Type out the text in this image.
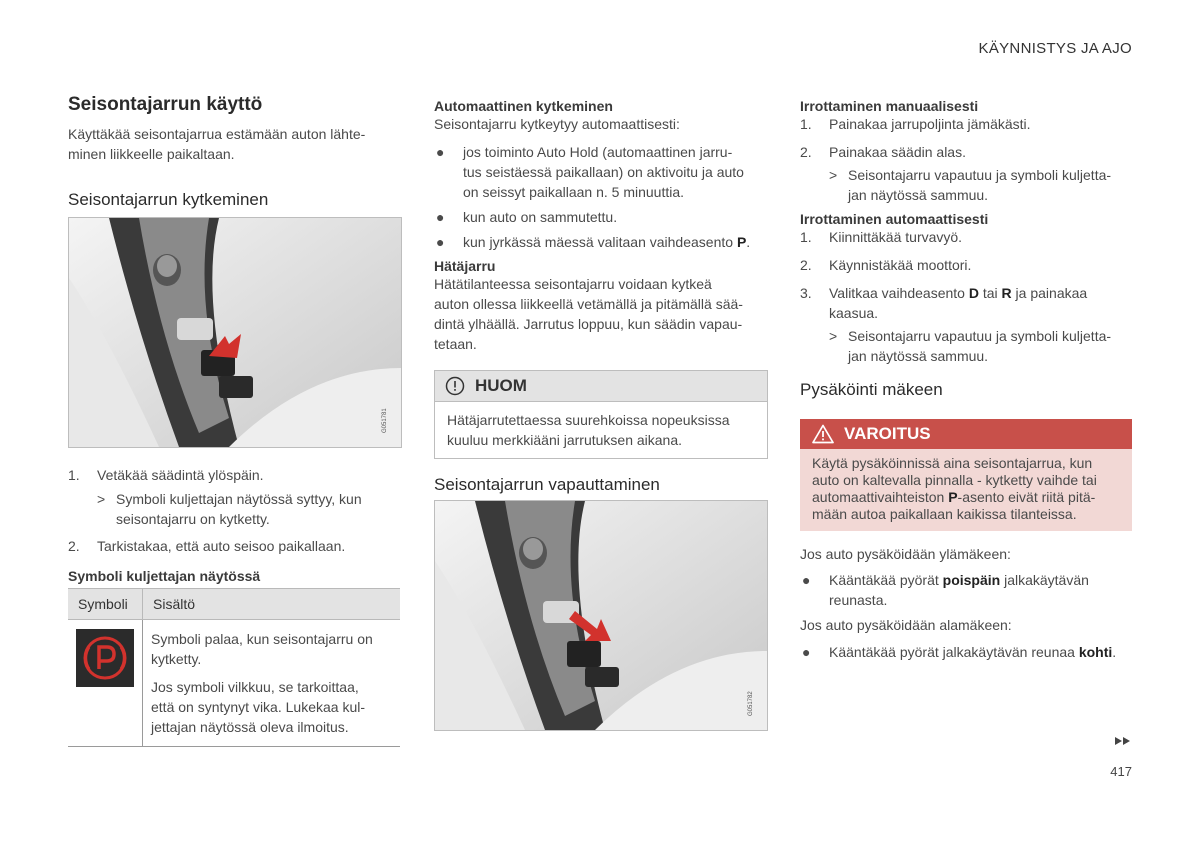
KÄYNNISTYS JA AJO
Seisontajarrun käyttö

Käyttäkää seisontajarrua estämään auton lähte-
minen liikkeelle paikaltaan.

Seisontajarrun kytkeminen
G051781
1. Vetäkää säädintä ylöspäin.
> Symboli kuljettajan näytössä syttyy, kun
seisontajarru on kytketty.
2. Tarkistakaa, että auto seisoo paikallaan.
Symboli kuljettajan näytössä
Symboli	Sisältö

Symboli palaa, kun seisontajarru on
kytketty.
Jos symboli vilkkuu, se tarkoittaa,
että on syntynyt vika. Lukekaa kul-
jettajan näytössä oleva ilmoitus.
Automaattinen kytkeminen

Seisontajarru kytkeytyy automaattisesti:

● jos toiminto Auto Hold (automaattinen jarru-
tus seistäessä paikallaan) on aktivoitu ja auto
on seissyt paikallaan n. 5 minuuttia.
● kun auto on sammutettu.
● kun jyrkässä mäessä valitaan vaihdeasento P.
Hätäjarru

Hätätilanteessa seisontajarru voidaan kytkeä
auton ollessa liikkeellä vetämällä ja pitämällä sää-
dintä ylhäällä. Jarrutus loppuu, kun säädin vapau-
tetaan.

HUOM
Hätäjarrutettaessa suurehkoissa nopeuksissa
kuuluu merkkiääni jarrutuksen aikana.
Seisontajarrun vapauttaminen
G051782
Irrottaminen manuaalisesti
1. Painakaa jarrupoljinta jämäkästi.
2. Painakaa säädin alas.
> Seisontajarru vapautuu ja symboli kuljetta-
jan näytössä sammuu.
Irrottaminen automaattisesti
1. Kiinnittäkää turvavyö.
2. Käynnistäkää moottori.
3. Valitkaa vaihdeasento D tai R ja painakaa
kaasua.
> Seisontajarru vapautuu ja symboli kuljetta-
jan näytössä sammuu.
Pysäköinti mäkeen
VAROITUS
Käytä pysäköinnissä aina seisontajarrua, kun
auto on kaltevalla pinnalla - kytketty vaihde tai
automaattivaihteiston P-asento eivät riitä pitä-
mään autoa paikallaan kaikissa tilanteissa.

Jos auto pysäköidään ylämäkeen:

● Kääntäkää pyörät poispäin jalkakäytävän
reunasta.

Jos auto pysäköidään alamäkeen:

● Kääntäkää pyörät jalkakäytävän reunaa kohti.
417
